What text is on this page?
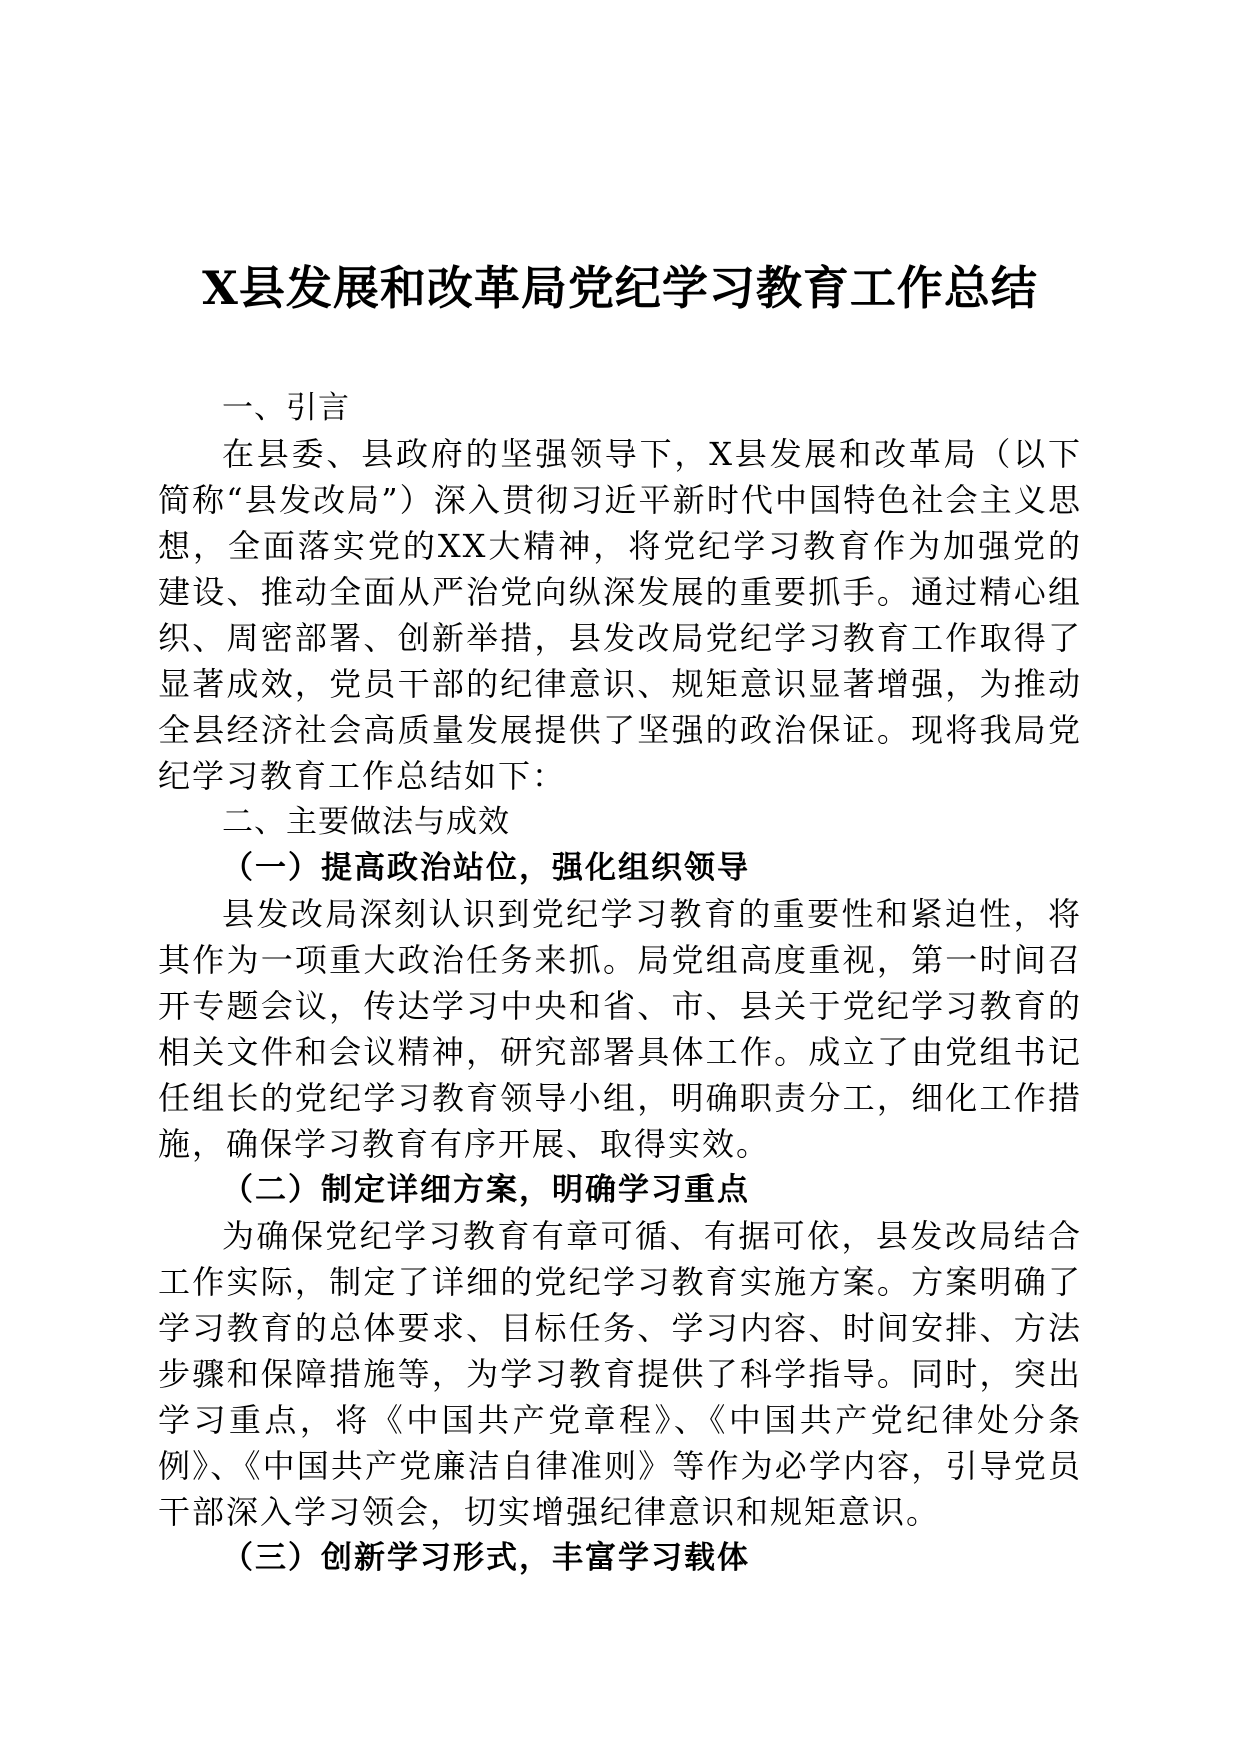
X县发展和改革局党纪学习教育工作总结
一、引言

在县委、县政府的坚强领导下，X县发展和改革局（以下简称“县发改局”）深入贯彻习近平新时代中国特色社会主义思想，全面落实党的XX大精神，将党纪学习教育作为加强党的建设、推动全面从严治党向纵深发展的重要抓手。通过精心组织、周密部署、创新举措，县发改局党纪学习教育工作取得了显著成效，党员干部的纪律意识、规矩意识显著增强，为推动全县经济社会高质量发展提供了坚强的政治保证。现将我局党纪学习教育工作总结如下：

二、主要做法与成效
（一）提高政治站位，强化组织领导

县发改局深刻认识到党纪学习教育的重要性和紧迫性，将其作为一项重大政治任务来抓。局党组高度重视，第一时间召开专题会议，传达学习中央和省、市、县关于党纪学习教育的相关文件和会议精神，研究部署具体工作。成立了由党组书记任组长的党纪学习教育领导小组，明确职责分工，细化工作措施，确保学习教育有序开展、取得实效。

（二）制定详细方案，明确学习重点

为确保党纪学习教育有章可循、有据可依，县发改局结合工作实际，制定了详细的党纪学习教育实施方案。方案明确了学习教育的总体要求、目标任务、学习内容、时间安排、方法步骤和保障措施等，为学习教育提供了科学指导。同时，突出学习重点，将《中国共产党章程》、《中国共产党纪律处分条例》、《中国共产党廉洁自律准则》等作为必学内容，引导党员干部深入学习领会，切实增强纪律意识和规矩意识。

（三）创新学习形式，丰富学习载体
